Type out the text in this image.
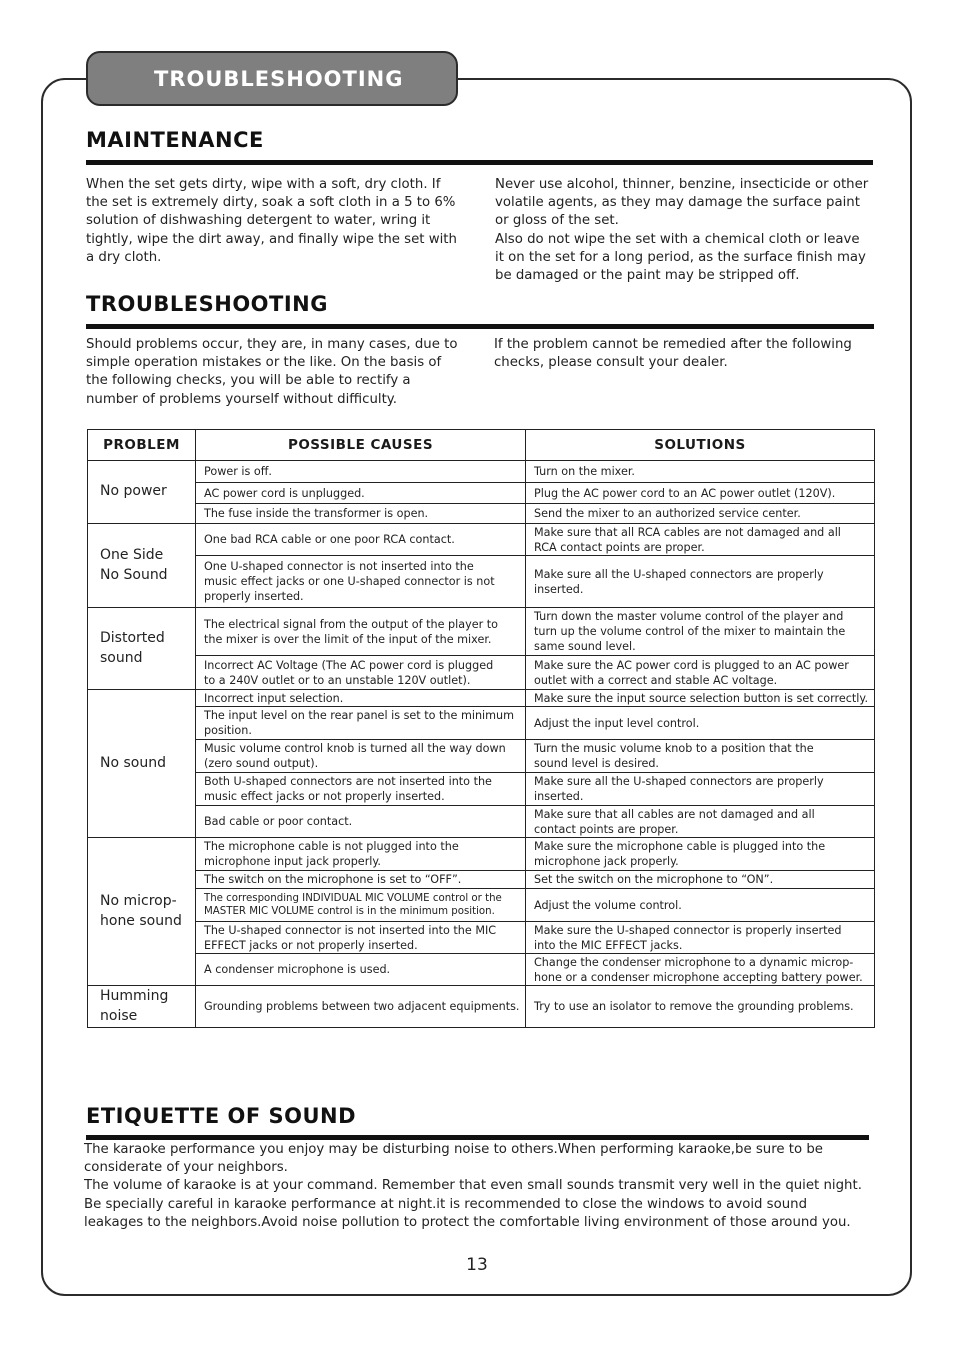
TROUBLESHOOTING
MAINTENANCE
When the set gets dirty, wipe with a soft, dry cloth. If
the set is extremely dirty, soak a soft cloth in a 5 to 6%
solution of dishwashing detergent to water, wring it
tightly, wipe the dirt away, and finally wipe the set with
a dry cloth.
Never use alcohol, thinner, benzine, insecticide or other
volatile agents, as they may damage the surface paint
or gloss of the set.
Also do not wipe the set with a chemical cloth or leave
it on the set for a long period, as the surface finish may
be damaged or the paint may be stripped off.
TROUBLESHOOTING
Should problems occur, they are, in many cases, due to
simple operation mistakes or the like. On the basis of
the following checks, you will be able to rectify a
number of problems yourself without difficulty.
If the problem cannot be remedied after the following
checks, please consult your dealer.
PROBLEM	POSSIBLE CAUSES	SOLUTIONS
No power	Power is off.	Turn on the mixer.
	AC power cord is unplugged.	Plug the AC power cord to an AC power outlet (120V).
	The fuse inside the transformer is open.	Send the mixer to an authorized service center.
One Side
No Sound	One bad RCA cable or one poor RCA contact.	Make sure that all RCA cables are not damaged and all
RCA contact points are proper.
	One U-shaped connector is not inserted into the
music effect jacks or one U-shaped connector is not
properly inserted.	Make sure all the U-shaped connectors are properly
inserted.
Distorted
sound	The electrical signal from the output of the player to
the mixer is over the limit of the input of the mixer.	Turn down the master volume control of the player and
turn up the volume control of the mixer to maintain the
same sound level.
	Incorrect AC Voltage (The AC power cord is plugged
to a 240V outlet or to an unstable 120V outlet).	Make sure the AC power cord is plugged to an AC power
outlet with a correct and stable AC voltage.
No sound	Incorrect input selection.	Make sure the input source selection button is set correctly.
	The input level on the rear panel is set to the minimum
position.	Adjust the input level control.
	Music volume control knob is turned all the way down
(zero sound output).	Turn the music volume knob to a position that the
sound level is desired.
	Both U-shaped connectors are not inserted into the
music effect jacks or not properly inserted.	Make sure all the U-shaped connectors are properly
inserted.
	Bad cable or poor contact.	Make sure that all cables are not damaged and all
contact points are proper.
No microp-
hone sound	The microphone cable is not plugged into the
microphone input jack properly.	Make sure the microphone cable is plugged into the
microphone jack properly.
	The switch on the microphone is set to “OFF”.	Set the switch on the microphone to “ON”.
	The corresponding INDIVIDUAL MIC VOLUME control or the
MASTER MIC VOLUME control is in the minimum position.	Adjust the volume control.
	The U-shaped connector is not inserted into the MIC
EFFECT jacks or not properly inserted.	Make sure the U-shaped connector is properly inserted
into the MIC EFFECT jacks.
	A condenser microphone is used.	Change the condenser microphone to a dynamic microp-
hone or a condenser microphone accepting battery power.
Humming
noise	Grounding problems between two adjacent equipments.	Try to use an isolator to remove the grounding problems.
ETIQUETTE OF SOUND
The karaoke performance you enjoy may be disturbing noise to others.When performing karaoke,be sure to be
considerate of your neighbors.
The volume of karaoke is at your command. Remember that even small sounds transmit very well in the quiet night.
Be specially careful in karaoke performance at night.it is recommended to close the windows to avoid sound
leakages to the neighbors.Avoid noise pollution to protect the comfortable living environment of those around you.
13
